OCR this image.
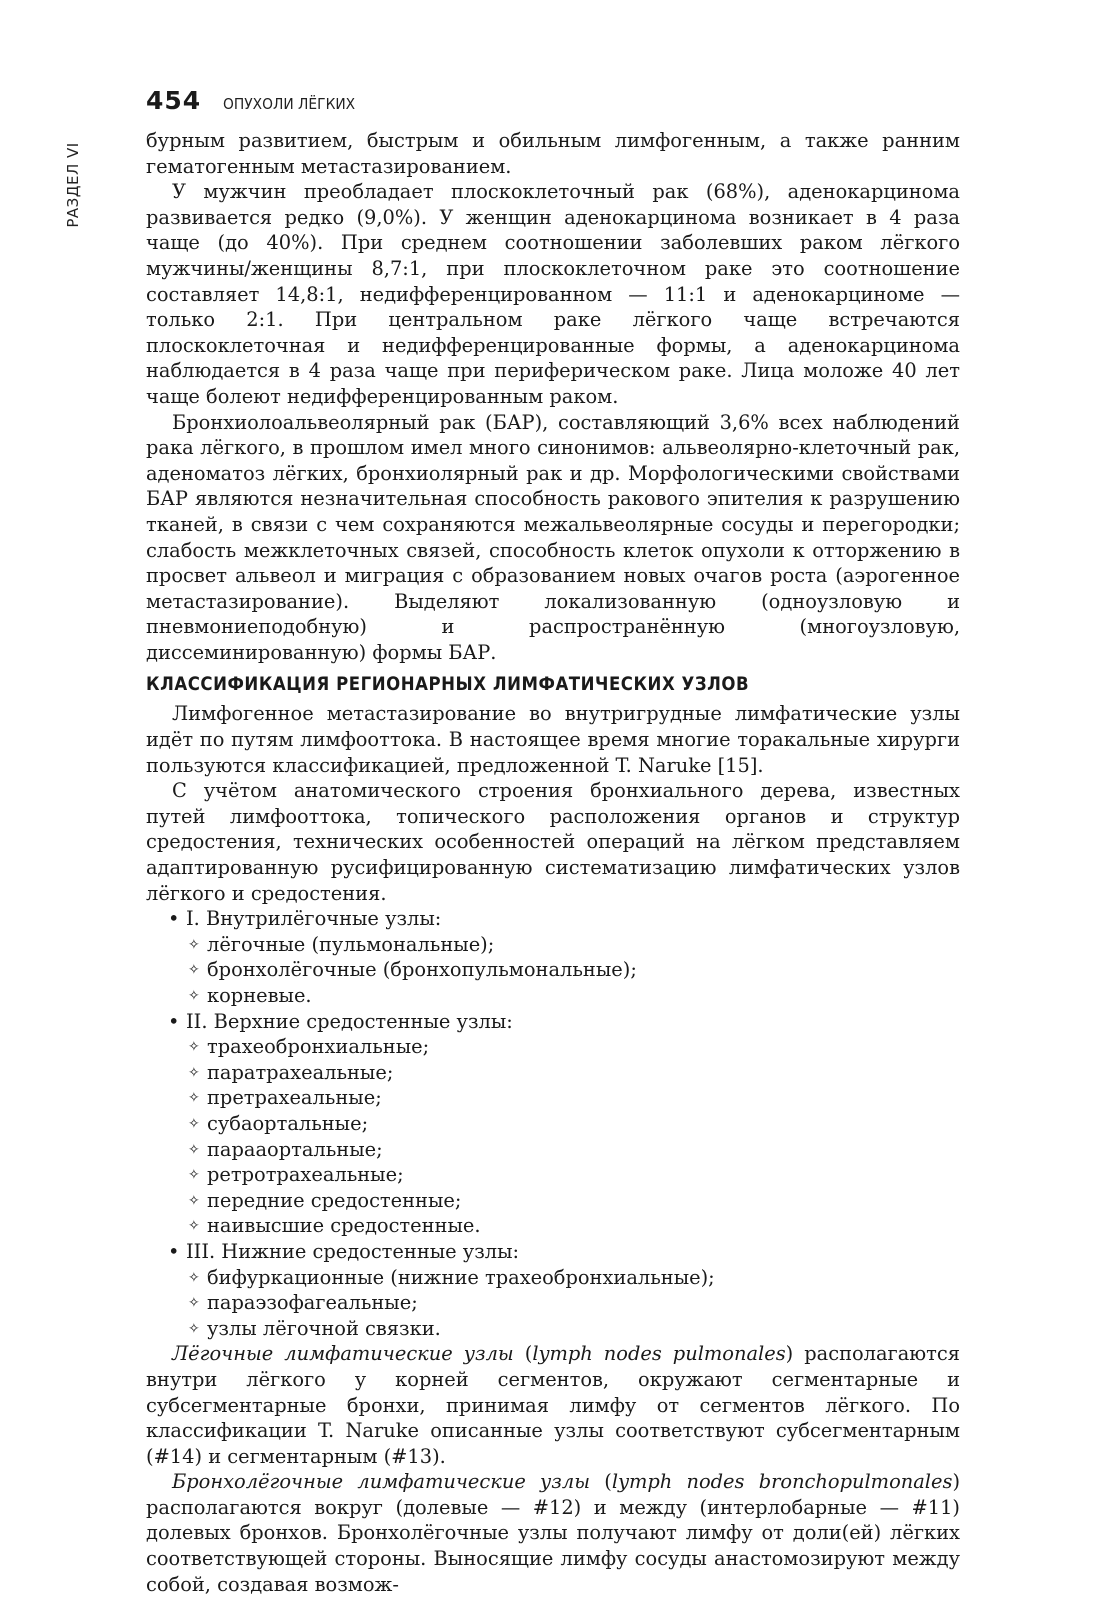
РАЗДЕЛ VI
454 ОПУХОЛИ ЛЁГКИХ

бурным развитием, быстрым и обильным лимфогенным, а также ранним гематогенным метастазированием.

У мужчин преобладает плоскоклеточный рак (68%), аденокарцинома развивается редко (9,0%). У женщин аденокарцинома возникает в 4 раза чаще (до 40%). При среднем соотношении заболевших раком лёгкого мужчины/женщины 8,7:1, при плоскоклеточном раке это соотношение составляет 14,8:1, недифференцированном — 11:1 и аденокарциноме — только 2:1. При центральном раке лёгкого чаще встречаются плоскоклеточная и недифференцированные формы, а аденокарцинома наблюдается в 4 раза чаще при периферическом раке. Лица моложе 40 лет чаще болеют недифференцированным раком.

Бронхиолоальвеолярный рак (БАР), составляющий 3,6% всех наблюдений рака лёгкого, в прошлом имел много синонимов: альвеолярно-клеточный рак, аденоматоз лёгких, бронхиолярный рак и др. Морфологическими свойствами БАР являются незначительная способность ракового эпителия к разрушению тканей, в связи с чем сохраняются межальвеолярные сосуды и перегородки; слабость межклеточных связей, способность клеток опухоли к отторжению в просвет альвеол и миграция с образованием новых очагов роста (аэрогенное метастазирование). Выделяют локализованную (одноузловую и пневмониеподобную) и распространённую (многоузловую, диссеминированную) формы БАР.

КЛАССИФИКАЦИЯ РЕГИОНАРНЫХ ЛИМФАТИЧЕСКИХ УЗЛОВ

Лимфогенное метастазирование во внутригрудные лимфатические узлы идёт по путям лимфооттока. В настоящее время многие торакальные хирурги пользуются классификацией, предложенной T. Naruke [15].

С учётом анатомического строения бронхиального дерева, известных путей лимфооттока, топического расположения органов и структур средостения, технических особенностей операций на лёгком представляем адаптированную русифицированную систематизацию лимфатических узлов лёгкого и средостения.

• I. Внутрилёгочные узлы:
✧ лёгочные (пульмональные);
✧ бронхолёгочные (бронхопульмональные);
✧ корневые.
• II. Верхние средостенные узлы:
✧ трахеобронхиальные;
✧ паратрахеальные;
✧ претрахеальные;
✧ субаортальные;
✧ парааортальные;
✧ ретротрахеальные;
✧ передние средостенные;
✧ наивысшие средостенные.
• III. Нижние средостенные узлы:
✧ бифуркационные (нижние трахеобронхиальные);
✧ параэзофагеальные;
✧ узлы лёгочной связки.

Лёгочные лимфатические узлы (lymph nodes pulmonales) располагаются внутри лёгкого у корней сегментов, окружают сегментарные и субсегментарные бронхи, принимая лимфу от сегментов лёгкого. По классификации T. Naruke описанные узлы соответствуют субсегментарным (#14) и сегментарным (#13).

Бронхолёгочные лимфатические узлы (lymph nodes bronchopulmonales) располагаются вокруг (долевые — #12) и между (интерлобарные — #11) долевых бронхов. Бронхолёгочные узлы получают лимфу от доли(ей) лёгких соответствующей стороны. Выносящие лимфу сосуды анастомозируют между собой, создавая возмож-
